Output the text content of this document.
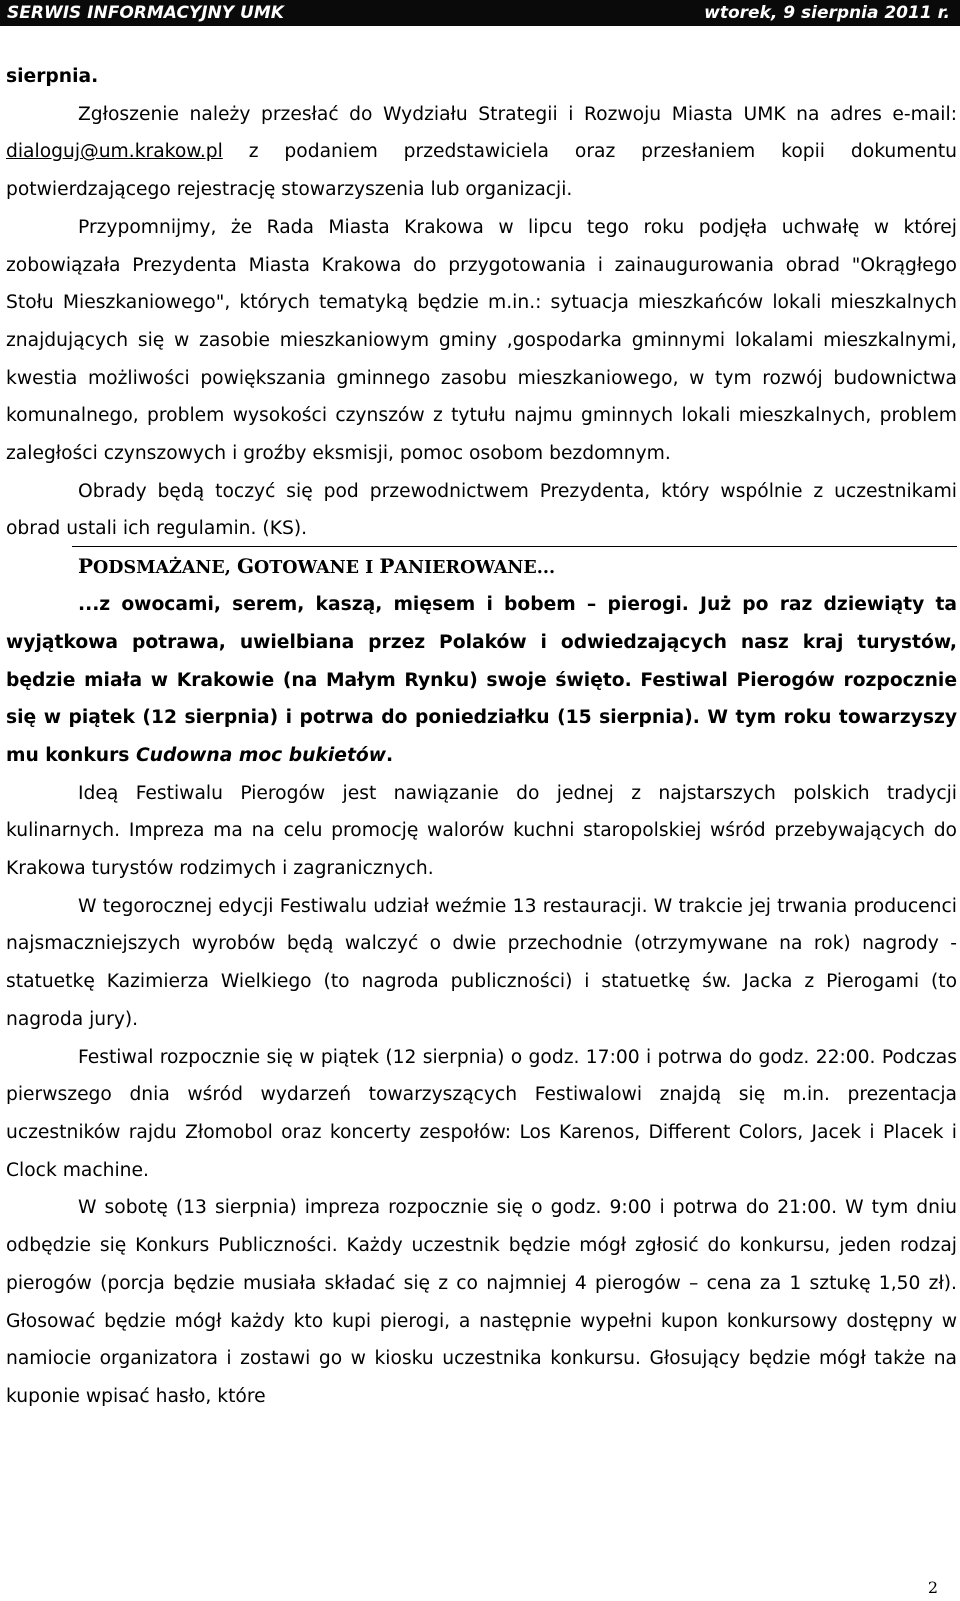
SERWIS INFORMACYJNY UMK	wtorek, 9 sierpnia 2011 r.

sierpnia.

Zgłoszenie należy przesłać do Wydziału Strategii i Rozwoju Miasta UMK na adres e-mail: dialoguj@um.krakow.pl z podaniem przedstawiciela oraz przesłaniem kopii dokumentu potwierdzającego rejestrację stowarzyszenia lub organizacji.

Przypomnijmy, że Rada Miasta Krakowa w lipcu tego roku podjęła uchwałę w której zobowiązała Prezydenta Miasta Krakowa do przygotowania i zainaugurowania obrad "Okrągłego Stołu Mieszkaniowego", których tematyką będzie m.in.: sytuacja mieszkańców lokali mieszkalnych znajdujących się w zasobie mieszkaniowym gminy ,gospodarka gminnymi lokalami mieszkalnymi, kwestia możliwości powiększania gminnego zasobu mieszkaniowego, w tym rozwój budownictwa komunalnego, problem wysokości czynszów z tytułu najmu gminnych lokali mieszkalnych, problem zaległości czynszowych i groźby eksmisji, pomoc osobom bezdomnym.

Obrady będą toczyć się pod przewodnictwem Prezydenta, który wspólnie z uczestnikami obrad ustali ich regulamin. (KS).

PODSMAŻANE, GOTOWANE I PANIEROWANE...

...z owocami, serem, kaszą, mięsem i bobem – pierogi. Już po raz dziewiąty ta wyjątkowa potrawa, uwielbiana przez Polaków i odwiedzających nasz kraj turystów, będzie miała w Krakowie (na Małym Rynku) swoje święto. Festiwal Pierogów rozpocznie się w piątek (12 sierpnia) i potrwa do poniedziałku (15 sierpnia). W tym roku towarzyszy mu konkurs Cudowna moc bukietów.

Ideą Festiwalu Pierogów jest nawiązanie do jednej z najstarszych polskich tradycji kulinarnych. Impreza ma na celu promocję walorów kuchni staropolskiej wśród przebywających do Krakowa turystów rodzimych i zagranicznych.

W tegorocznej edycji Festiwalu udział weźmie 13 restauracji. W trakcie jej trwania producenci najsmaczniejszych wyrobów będą walczyć o dwie przechodnie (otrzymywane na rok) nagrody - statuetkę Kazimierza Wielkiego (to nagroda publiczności) i statuetkę św. Jacka z Pierogami (to nagroda jury).

Festiwal rozpocznie się w piątek (12 sierpnia) o godz. 17:00 i potrwa do godz. 22:00. Podczas pierwszego dnia wśród wydarzeń towarzyszących Festiwalowi znajdą się m.in. prezentacja uczestników rajdu Złomobol oraz koncerty zespołów: Los Karenos, Different Colors, Jacek i Placek i Clock machine.

W sobotę (13 sierpnia) impreza rozpocznie się o godz. 9:00 i potrwa do 21:00. W tym dniu odbędzie się Konkurs Publiczności. Każdy uczestnik będzie mógł zgłosić do konkursu, jeden rodzaj pierogów (porcja będzie musiała składać się z co najmniej 4 pierogów – cena za 1 sztukę 1,50 zł). Głosować będzie mógł każdy kto kupi pierogi, a następnie wypełni kupon konkursowy dostępny w namiocie organizatora i zostawi go w kiosku uczestnika konkursu. Głosujący będzie mógł także na kuponie wpisać hasło, które

2
